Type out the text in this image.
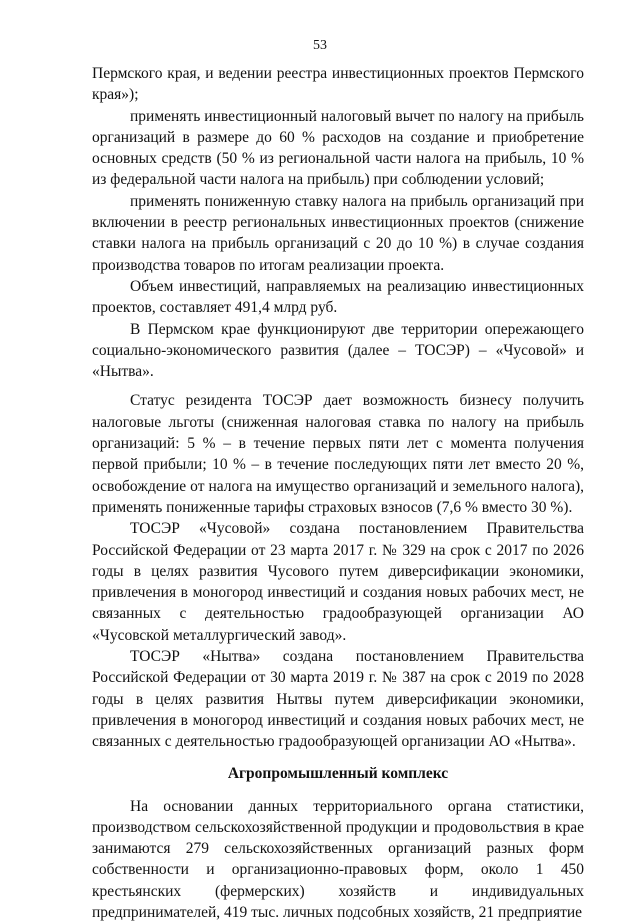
53

Пермского края, и ведении реестра инвестиционных проектов Пермского края»);

применять инвестиционный налоговый вычет по налогу на прибыль организаций в размере до 60 % расходов на создание и приобретение основных средств (50 % из региональной части налога на прибыль, 10 % из федеральной части налога на прибыль) при соблюдении условий;

применять пониженную ставку налога на прибыль организаций при включении в реестр региональных инвестиционных проектов (снижение ставки налога на прибыль организаций с 20 до 10 %) в случае создания производства товаров по итогам реализации проекта.

Объем инвестиций, направляемых на реализацию инвестиционных проектов, составляет 491,4 млрд руб.

В Пермском крае функционируют две территории опережающего социально-экономического развития (далее – ТОСЭР) – «Чусовой» и «Нытва».

Статус резидента ТОСЭР дает возможность бизнесу получить налоговые льготы (сниженная налоговая ставка по налогу на прибыль организаций: 5 % – в течение первых пяти лет с момента получения первой прибыли; 10 % – в течение последующих пяти лет вместо 20 %, освобождение от налога на имущество организаций и земельного налога), применять пониженные тарифы страховых взносов (7,6 % вместо 30 %).

ТОСЭР «Чусовой» создана постановлением Правительства Российской Федерации от 23 марта 2017 г. № 329 на срок с 2017 по 2026 годы в целях развития Чусового путем диверсификации экономики, привлечения в моногород инвестиций и создания новых рабочих мест, не связанных с деятельностью градообразующей организации АО «Чусовской металлургический завод».

ТОСЭР «Нытва» создана постановлением Правительства Российской Федерации от 30 марта 2019 г. № 387 на срок с 2019 по 2028 годы в целях развития Нытвы путем диверсификации экономики, привлечения в моногород инвестиций и создания новых рабочих мест, не связанных с деятельностью градообразующей организации АО «Нытва».

Агропромышленный комплекс

На основании данных территориального органа статистики, производством сельскохозяйственной продукции и продовольствия в крае занимаются 279 сельскохозяйственных организаций разных форм собственности и организационно-правовых форм, около 1 450 крестьянских (фермерских) хозяйств и индивидуальных предпринимателей, 419 тыс. личных подсобных хозяйств, 21 предприятие
